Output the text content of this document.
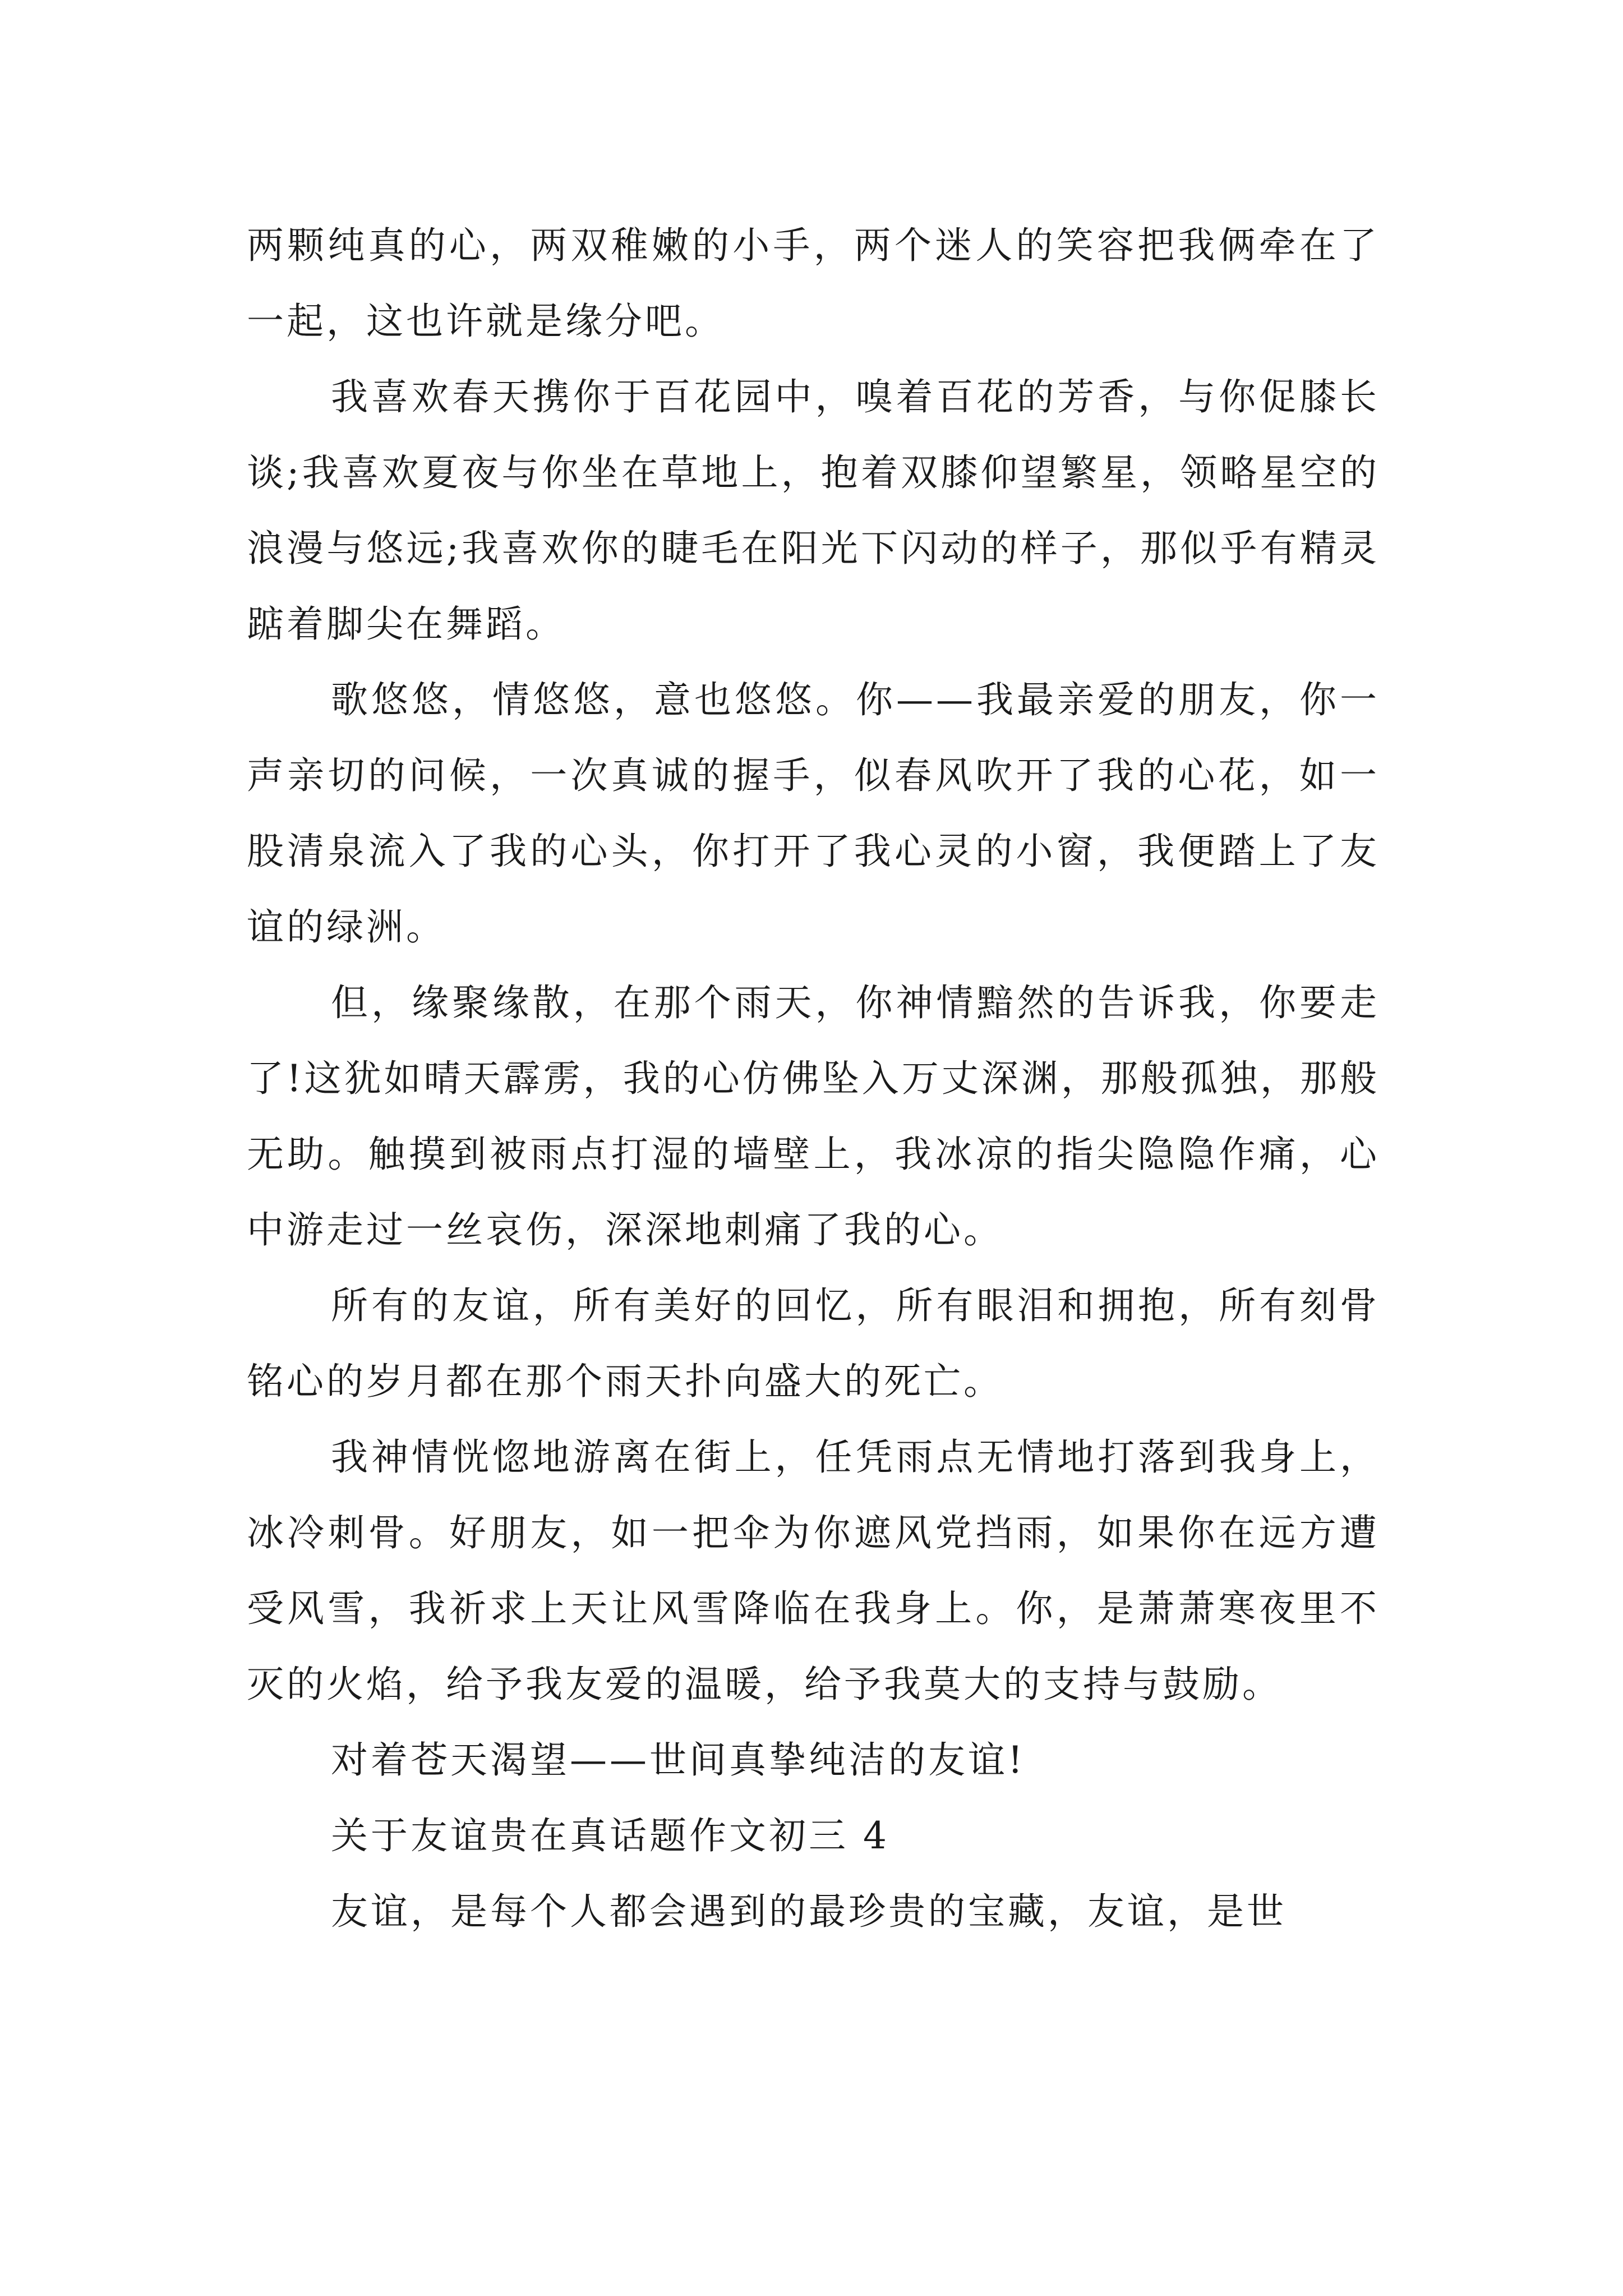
两颗纯真的心，两双稚嫩的小手，两个迷人的笑容把我俩牵在了一起，这也许就是缘分吧。

我喜欢春天携你于百花园中，嗅着百花的芳香，与你促膝长谈;我喜欢夏夜与你坐在草地上，抱着双膝仰望繁星，领略星空的浪漫与悠远;我喜欢你的睫毛在阳光下闪动的样子，那似乎有精灵踮着脚尖在舞蹈。

歌悠悠，情悠悠，意也悠悠。你——我最亲爱的朋友，你一声亲切的问候，一次真诚的握手，似春风吹开了我的心花，如一股清泉流入了我的心头，你打开了我心灵的小窗，我便踏上了友谊的绿洲。

但，缘聚缘散，在那个雨天，你神情黯然的告诉我，你要走了!这犹如晴天霹雳，我的心仿佛坠入万丈深渊，那般孤独，那般无助。触摸到被雨点打湿的墙壁上，我冰凉的指尖隐隐作痛，心中游走过一丝哀伤，深深地刺痛了我的心。

所有的友谊，所有美好的回忆，所有眼泪和拥抱，所有刻骨铭心的岁月都在那个雨天扑向盛大的死亡。

我神情恍惚地游离在街上，任凭雨点无情地打落到我身上，冰冷刺骨。好朋友，如一把伞为你遮风党挡雨，如果你在远方遭受风雪，我祈求上天让风雪降临在我身上。你，是萧萧寒夜里不灭的火焰，给予我友爱的温暖，给予我莫大的支持与鼓励。

对着苍天渴望——世间真挚纯洁的友谊!

关于友谊贵在真话题作文初三 4

友谊，是每个人都会遇到的最珍贵的宝藏，友谊，是世
